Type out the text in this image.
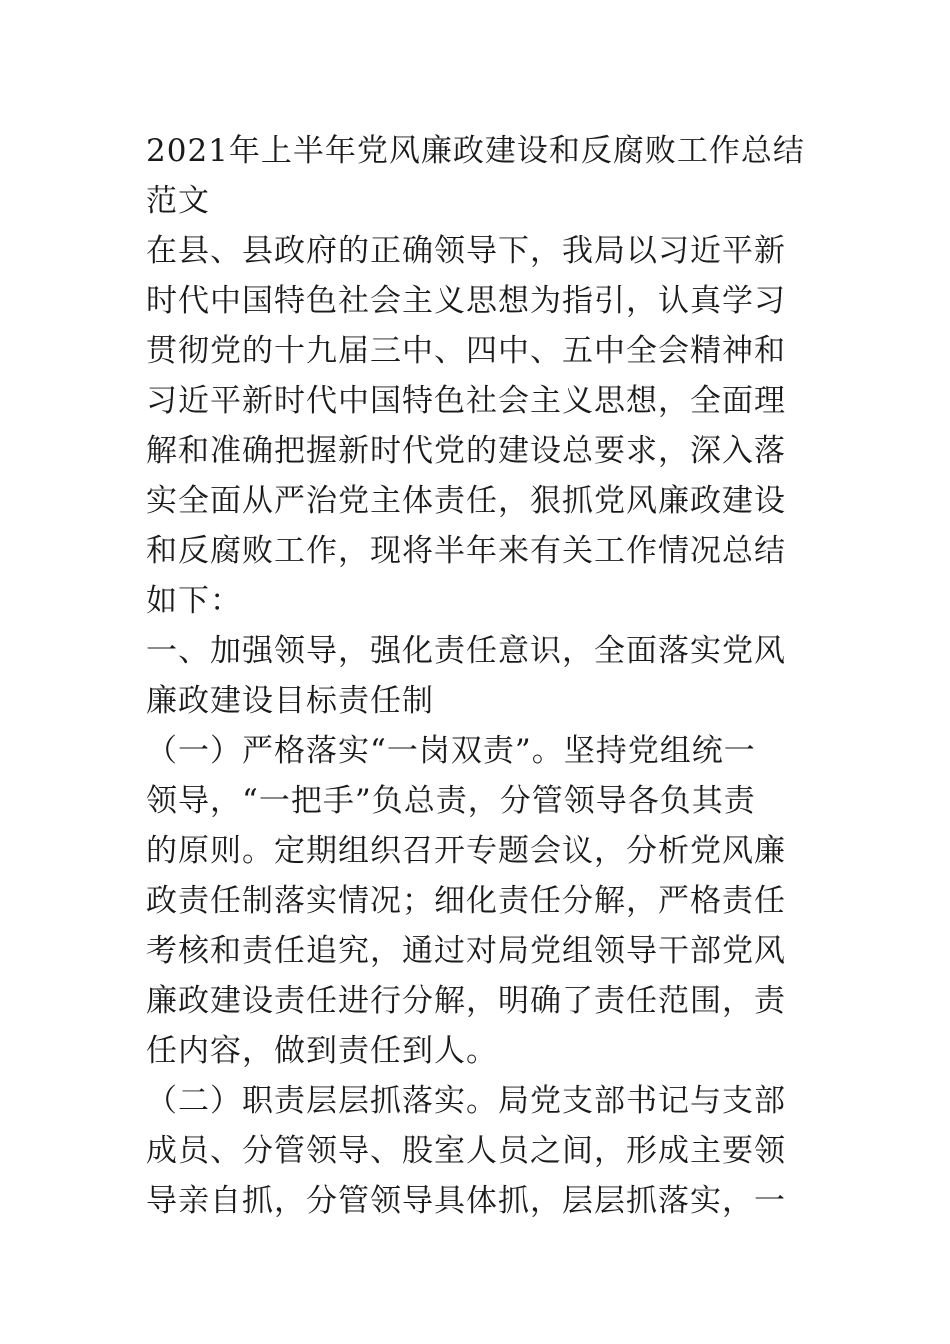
2021年上半年党风廉政建设和反腐败工作总结
范文
在县、县政府的正确领导下，我局以习近平新
时代中国特色社会主义思想为指引，认真学习
贯彻党的十九届三中、四中、五中全会精神和
习近平新时代中国特色社会主义思想，全面理
解和准确把握新时代党的建设总要求，深入落
实全面从严治党主体责任，狠抓党风廉政建设
和反腐败工作，现将半年来有关工作情况总结
如下：
一、加强领导，强化责任意识，全面落实党风
廉政建设目标责任制
（一）严格落实“一岗双责”。坚持党组统一
领导，“一把手”负总责，分管领导各负其责
的原则。定期组织召开专题会议，分析党风廉
政责任制落实情况；细化责任分解，严格责任
考核和责任追究，通过对局党组领导干部党风
廉政建设责任进行分解，明确了责任范围，责
任内容，做到责任到人。
（二）职责层层抓落实。局党支部书记与支部
成员、分管领导、股室人员之间，形成主要领
导亲自抓，分管领导具体抓，层层抓落实，一
